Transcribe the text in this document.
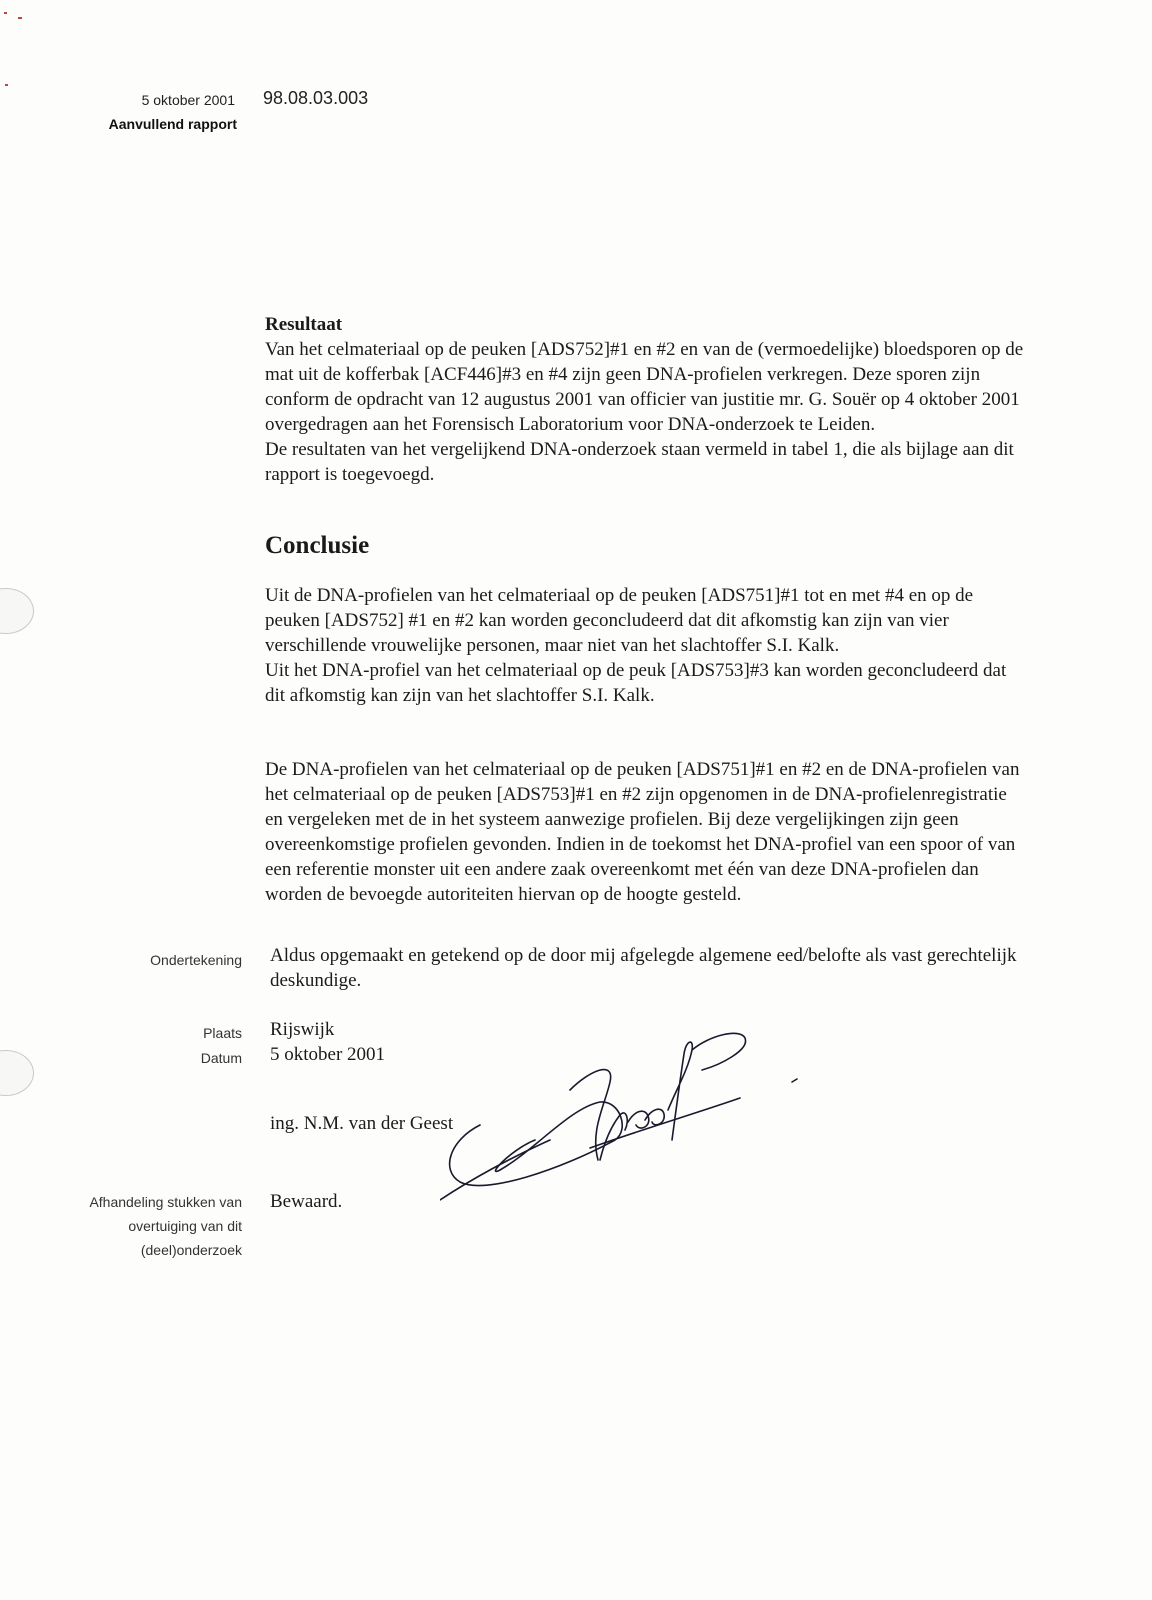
5 oktober 2001
Aanvullend rapport
98.08.03.003

Resultaat

Van het celmateriaal op de peuken [ADS752]#1 en #2 en van de (vermoedelijke) bloedsporen op de mat uit de kofferbak [ACF446]#3 en #4 zijn geen DNA-profielen verkregen. Deze sporen zijn conform de opdracht van 12 augustus 2001 van officier van justitie mr. G. Souër op 4 oktober 2001 overgedragen aan het Forensisch Laboratorium voor DNA-onderzoek te Leiden.

De resultaten van het vergelijkend DNA-onderzoek staan vermeld in tabel 1, die als bijlage aan dit rapport is toegevoegd.

Conclusie

Uit de DNA-profielen van het celmateriaal op de peuken [ADS751]#1 tot en met #4 en op de peuken [ADS752] #1 en #2 kan worden geconcludeerd dat dit afkomstig kan zijn van vier verschillende vrouwelijke personen, maar niet van het slachtoffer S.I. Kalk.

Uit het DNA-profiel van het celmateriaal op de peuk [ADS753]#3 kan worden geconcludeerd dat dit afkomstig kan zijn van het slachtoffer S.I. Kalk.

De DNA-profielen van het celmateriaal op de peuken [ADS751]#1 en #2 en de DNA-profielen van het celmateriaal op de peuken [ADS753]#1 en #2 zijn opgenomen in de DNA-profielenregistratie en vergeleken met de in het systeem aanwezige profielen. Bij deze vergelijkingen zijn geen overeenkomstige profielen gevonden. Indien in de toekomst het DNA-profiel van een spoor of van een referentie monster uit een andere zaak overeenkomt met één van deze DNA-profielen dan worden de bevoegde autoriteiten hiervan op de hoogte gesteld.
Ondertekening Aldus opgemaakt en getekend op de door mij afgelegde algemene eed/belofte als vast gerechtelijk deskundige.
Plaats Rijswijk
Datum 5 oktober 2001
ing. N.M. van der Geest
Afhandeling stukken van
overtuiging van dit
(deel)onderzoek
Bewaard.
